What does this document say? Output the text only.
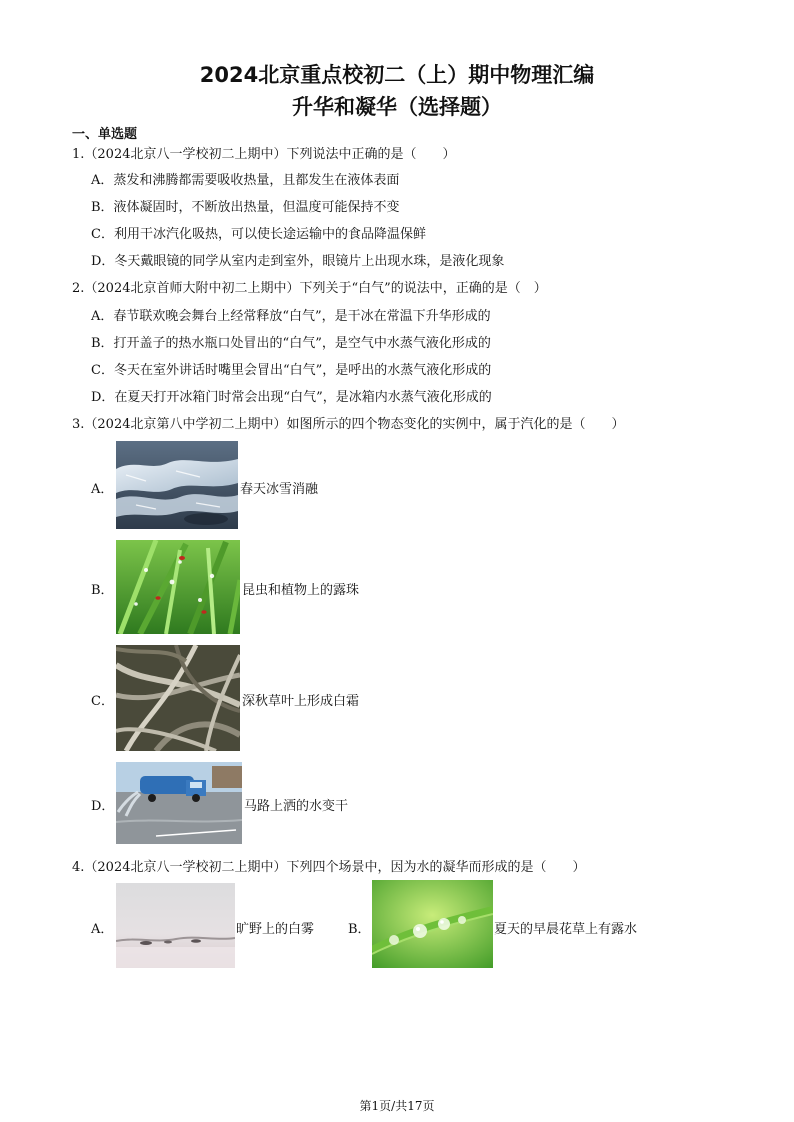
2024北京重点校初二（上）期中物理汇编
升华和凝华（选择题）
一、单选题
1.（2024北京八一学校初二上期中）下列说法中正确的是（　　）
A．蒸发和沸腾都需要吸收热量，且都发生在液体表面
B．液体凝固时，不断放出热量，但温度可能保持不变
C．利用干冰汽化吸热，可以使长途运输中的食品降温保鲜
D．冬天戴眼镜的同学从室内走到室外，眼镜片上出现水珠，是液化现象
2.（2024北京首师大附中初二上期中）下列关于“白气”的说法中，正确的是（　）
A．春节联欢晚会舞台上经常释放“白气”，是干冰在常温下升华形成的
B．打开盖子的热水瓶口处冒出的“白气”，是空气中水蒸气液化形成的
C．冬天在室外讲话时嘴里会冒出“白气”，是呼出的水蒸气液化形成的
D．在夏天打开冰箱门时常会出现“白气”，是冰箱内水蒸气液化形成的
3.（2024北京第八中学初二上期中）如图所示的四个物态变化的实例中，属于汽化的是（　　）
A．	春天冰雪消融
B．	昆虫和植物上的露珠
C．	深秋草叶上形成白霜
D．	马路上洒的水变干
4.（2024北京八一学校初二上期中）下列四个场景中，因为水的凝华而形成的是（　　）
A．	旷野上的白雾	B．	夏天的早晨花草上有露水
第1页/共17页
